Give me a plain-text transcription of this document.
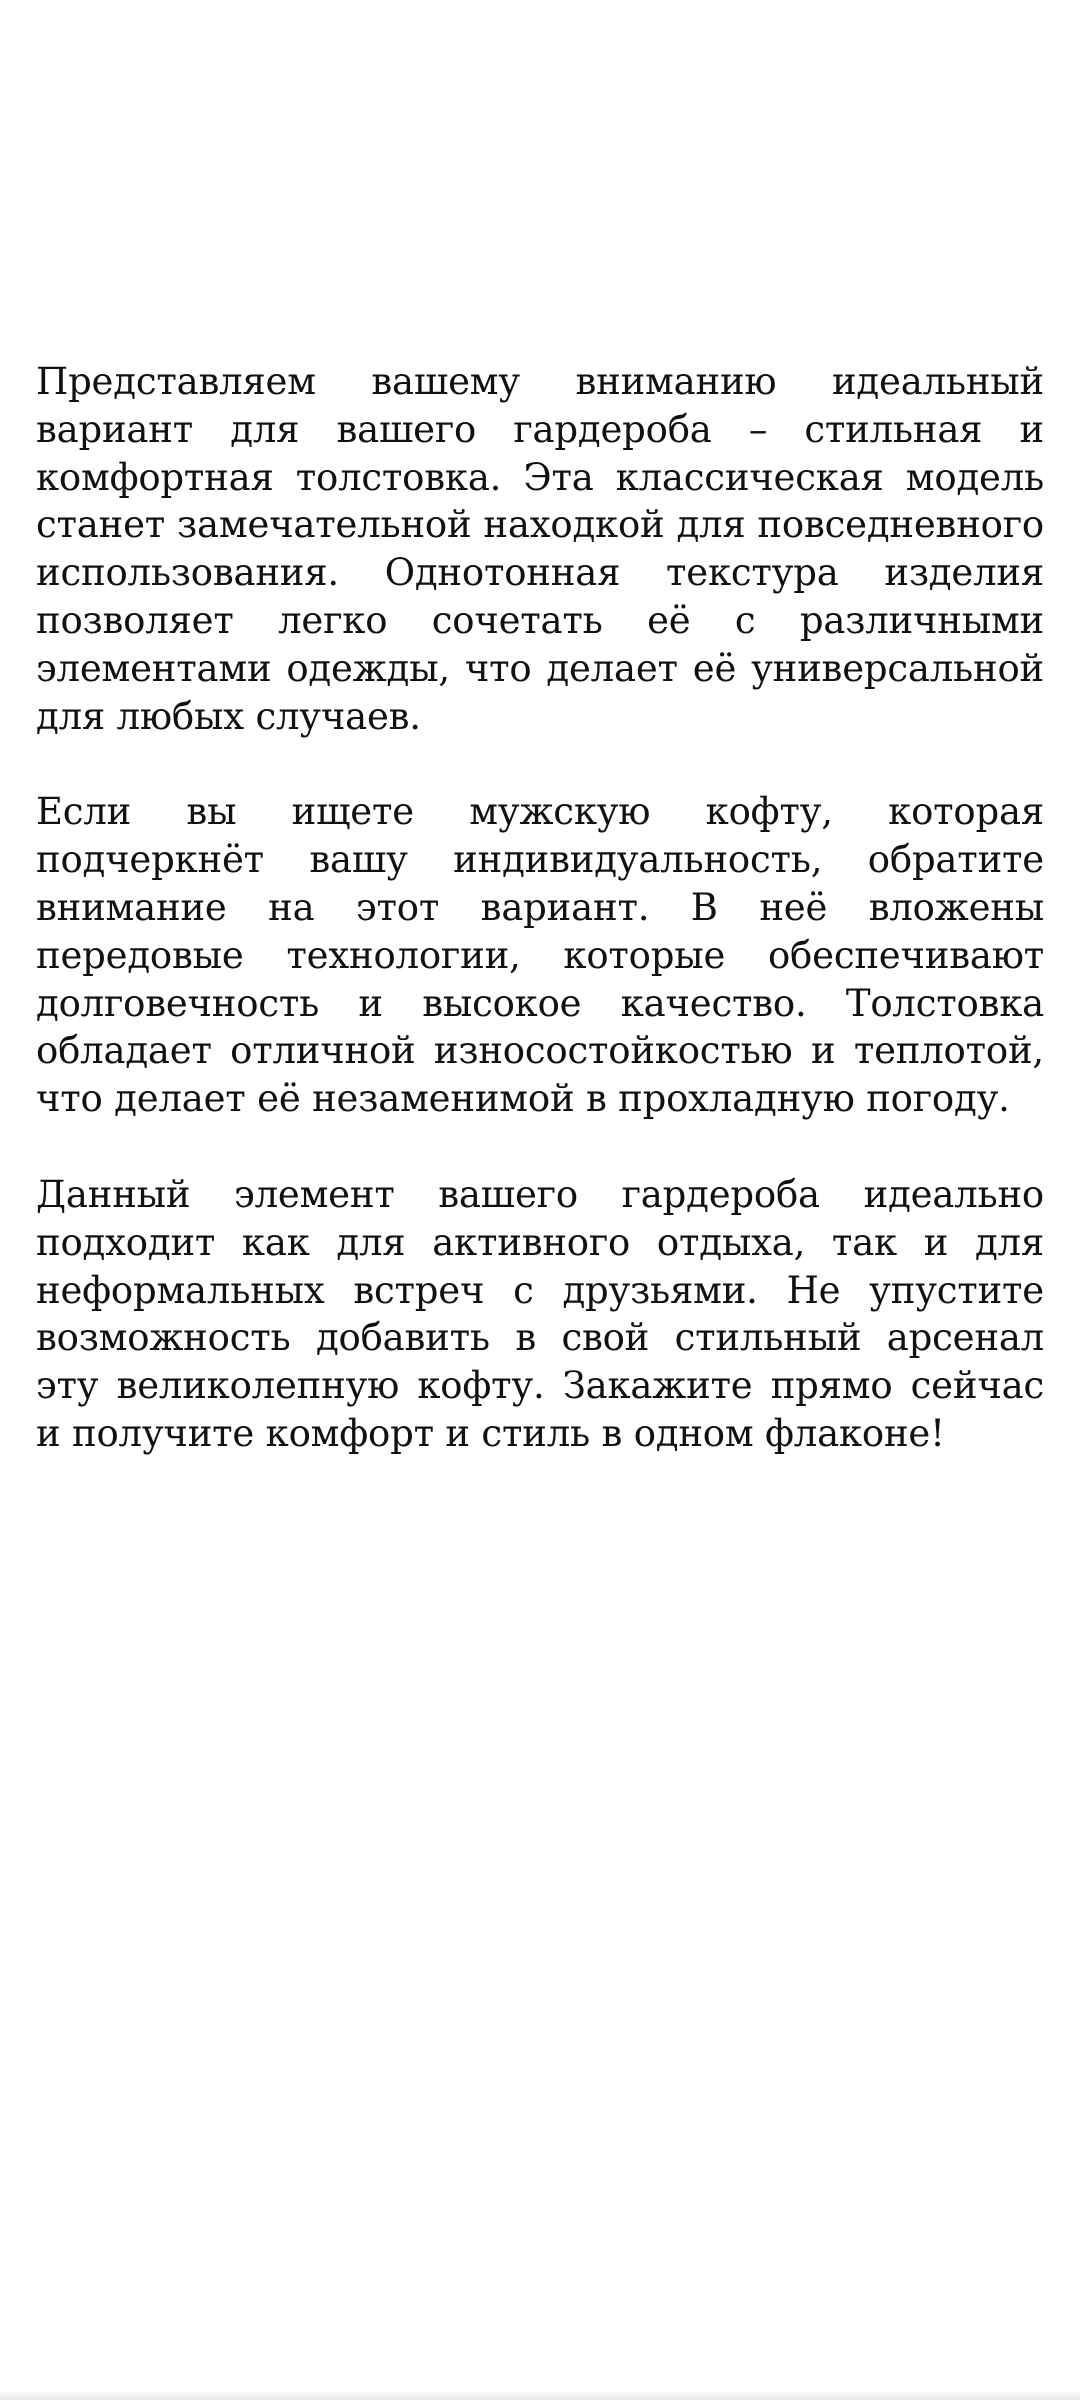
Представляем вашему вниманию идеальный вариант для вашего гардероба – стильная и комфортная толстовка. Эта классическая модель станет замечательной находкой для повседневного использования. Однотонная текстура изделия позволяет легко сочетать её с различными элементами одежды, что делает её универсальной для любых случаев.

Если вы ищете мужскую кофту, которая подчеркнёт вашу индивидуальность, обратите внимание на этот вариант. В неё вложены передовые технологии, которые обеспечивают долговечность и высокое качество. Толстовка обладает отличной износостойкостью и теплотой, что делает её незаменимой в прохладную погоду.

Данный элемент вашего гардероба идеально подходит как для активного отдыха, так и для неформальных встреч с друзьями. Не упустите возможность добавить в свой стильный арсенал эту великолепную кофту. Закажите прямо сейчас и получите комфорт и стиль в одном флаконе!
